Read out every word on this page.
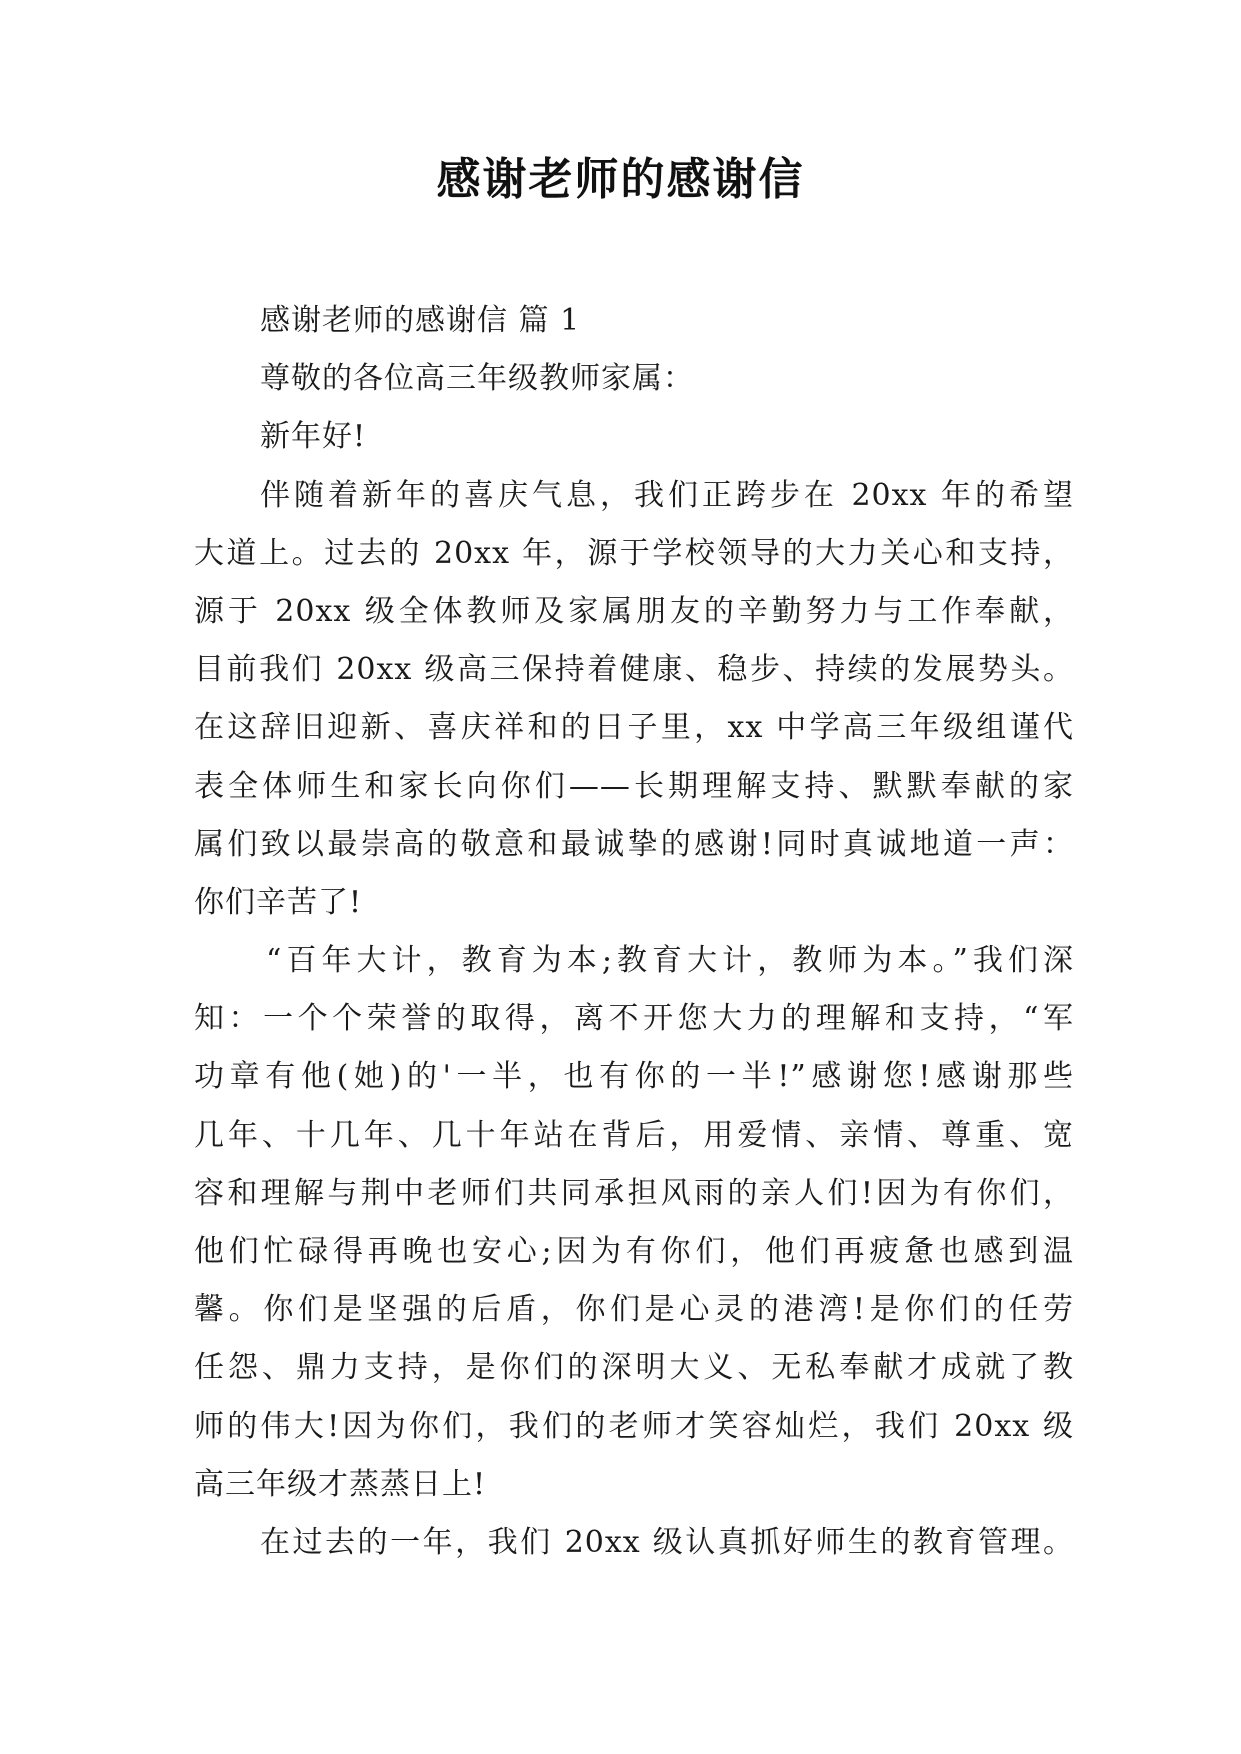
感谢老师的感谢信
感谢老师的感谢信 篇 1
尊敬的各位高三年级教师家属：
新年好!
伴随着新年的喜庆气息，我们正跨步在 20xx 年的希望
大道上。过去的 20xx 年，源于学校领导的大力关心和支持，
源于 20xx 级全体教师及家属朋友的辛勤努力与工作奉献，
目前我们 20xx 级高三保持着健康、稳步、持续的发展势头。
在这辞旧迎新、喜庆祥和的日子里，xx 中学高三年级组谨代
表全体师生和家长向你们——长期理解支持、默默奉献的家
属们致以最崇高的敬意和最诚挚的感谢!同时真诚地道一声：
你们辛苦了!
“百年大计，教育为本;教育大计，教师为本。”我们深
知：一个个荣誉的取得，离不开您大力的理解和支持，“军
功章有他(她)的'一半，也有你的一半!”感谢您!感谢那些
几年、十几年、几十年站在背后，用爱情、亲情、尊重、宽
容和理解与荆中老师们共同承担风雨的亲人们!因为有你们，
他们忙碌得再晚也安心;因为有你们，他们再疲惫也感到温
馨。你们是坚强的后盾，你们是心灵的港湾!是你们的任劳
任怨、鼎力支持，是你们的深明大义、无私奉献才成就了教
师的伟大!因为你们，我们的老师才笑容灿烂，我们 20xx 级
高三年级才蒸蒸日上!
在过去的一年，我们 20xx 级认真抓好师生的教育管理。
